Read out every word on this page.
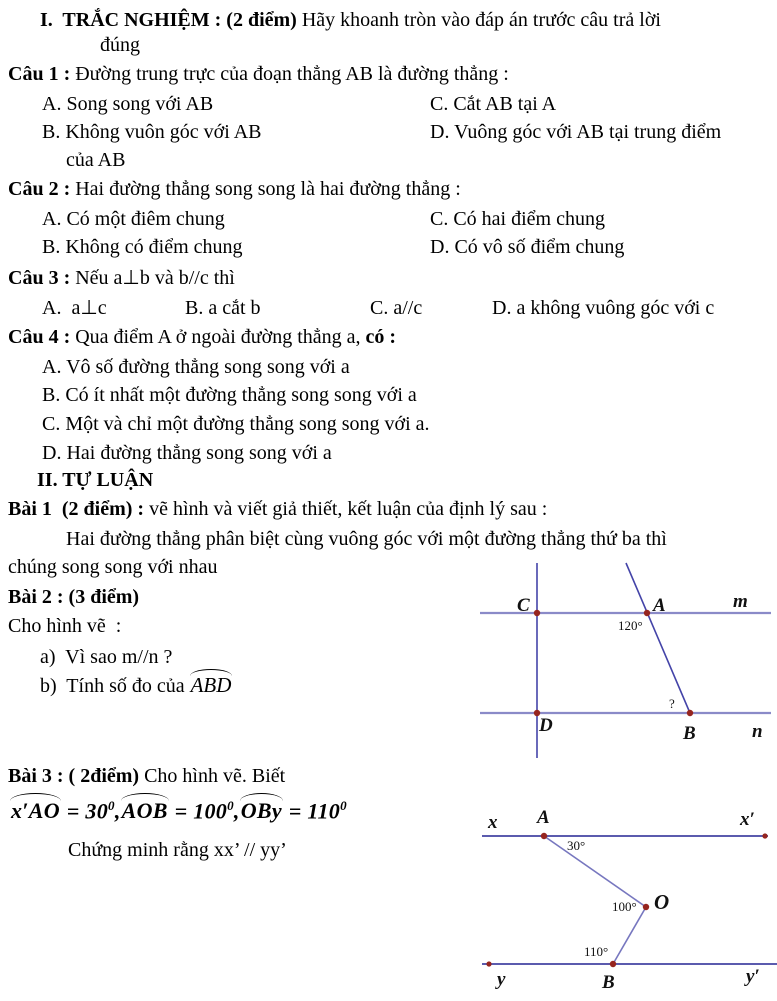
I.  TRẮC NGHIỆM : (2 điểm) Hãy khoanh tròn vào đáp án trước câu trả lời
đúng
Câu 1 : Đường trung trực của đoạn thẳng AB là đường thẳng :
A. Song song với AB	C. Cắt AB tại A
B. Không vuôn góc với AB	D. Vuông góc với AB tại trung điểm
của AB
Câu 2 : Hai đường thẳng song song là hai đường thẳng :
A. Có một điêm chung	C. Có hai điểm chung
B. Không có điểm chung	D. Có vô số điểm chung
Câu 3 : Nếu a⊥b và b//c thì
A.  a⊥c	B. a cắt b	C. a//c	D. a không vuông góc với c
Câu 4 : Qua điểm A ở ngoài đường thẳng a, có :
A. Vô số đường thẳng song song với a
B. Có ít nhất một đường thẳng song song với a
C. Một và chỉ một đường thẳng song song với a.
D. Hai đường thẳng song song với a
II. TỰ LUẬN
Bài 1  (2 điểm) : vẽ hình và viết giả thiết, kết luận của định lý sau :
Hai đường thẳng phân biệt cùng vuông góc với một đường thẳng thứ ba thì
chúng song song với nhau
Bài 2 : (3 điểm)
Cho hình vẽ  :
a)  Vì sao m//n ?
b)  Tính số đo của ABD
C	A	m
120°
?
D	B	n
Bài 3 : ( 2điểm) Cho hình vẽ. Biết
$x'AO = 30^0,AOB = 100^0,OBy = 110^0$
Chứng minh rằng xx’ // yy’
x A	x′
30°
O
100°
110°
y	B	y′
